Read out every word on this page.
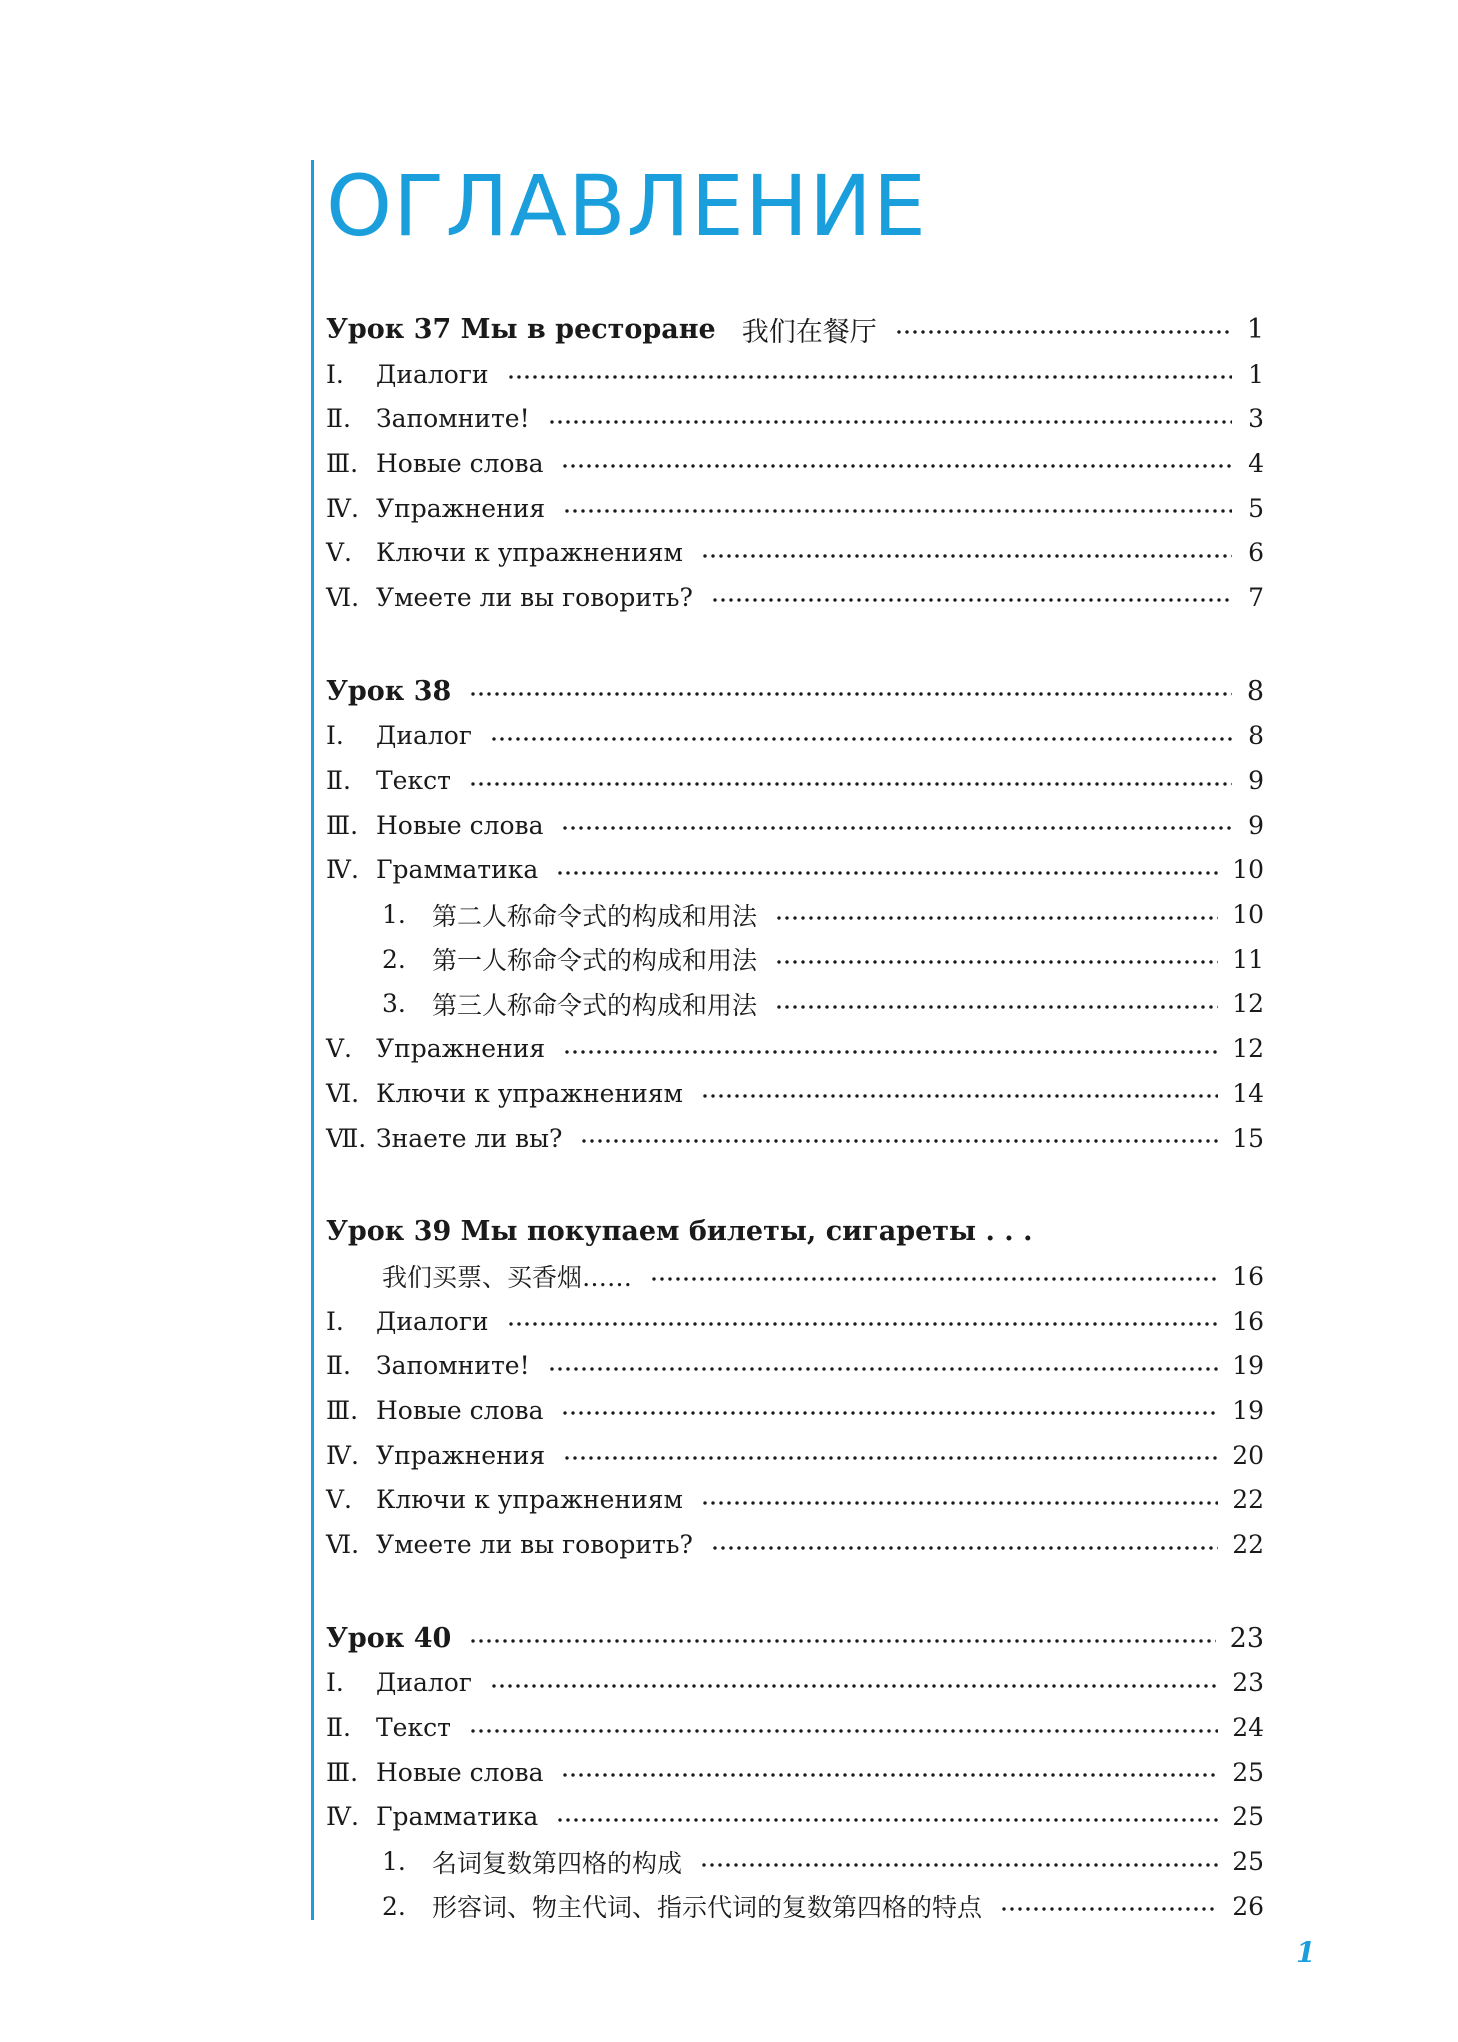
ОГЛАВЛЕНИЕ
Урок 37 Мы в ресторане 我们在餐厅	1
Ⅰ.	Диалоги	1
Ⅱ.	Запомните!	3
Ⅲ. Новые слова	4
Ⅳ. Упражнения	5
Ⅴ. Ключи к упражнениям	6
Ⅵ. Умеете ли вы говорить?	7
Урок 38	8
Ⅰ.	Диалог	8
Ⅱ.	Текст	9
Ⅲ. Новые слова	9
Ⅳ. Грамматика	10
1.	第二人称命令式的构成和用法	10
2.	第一人称命令式的构成和用法	11
3.	第三人称命令式的构成和用法	12
Ⅴ. Упражнения	12
Ⅵ. Ключи к упражнениям	14
Ⅶ. Знаете ли вы?	15
Урок 39 Мы покупаем билеты, сигареты . . .
我们买票、买香烟……	16
Ⅰ.	Диалоги	16
Ⅱ.	Запомните!	19
Ⅲ. Новые слова	19
Ⅳ. Упражнения	20
Ⅴ. Ключи к упражнениям	22
Ⅵ. Умеете ли вы говорить?	22
Урок 40	23
Ⅰ.	Диалог	23
Ⅱ.	Текст	24
Ⅲ. Новые слова	25
Ⅳ. Грамматика	25
1.	名词复数第四格的构成	25
2.	形容词、物主代词、指示代词的复数第四格的特点	26
1
